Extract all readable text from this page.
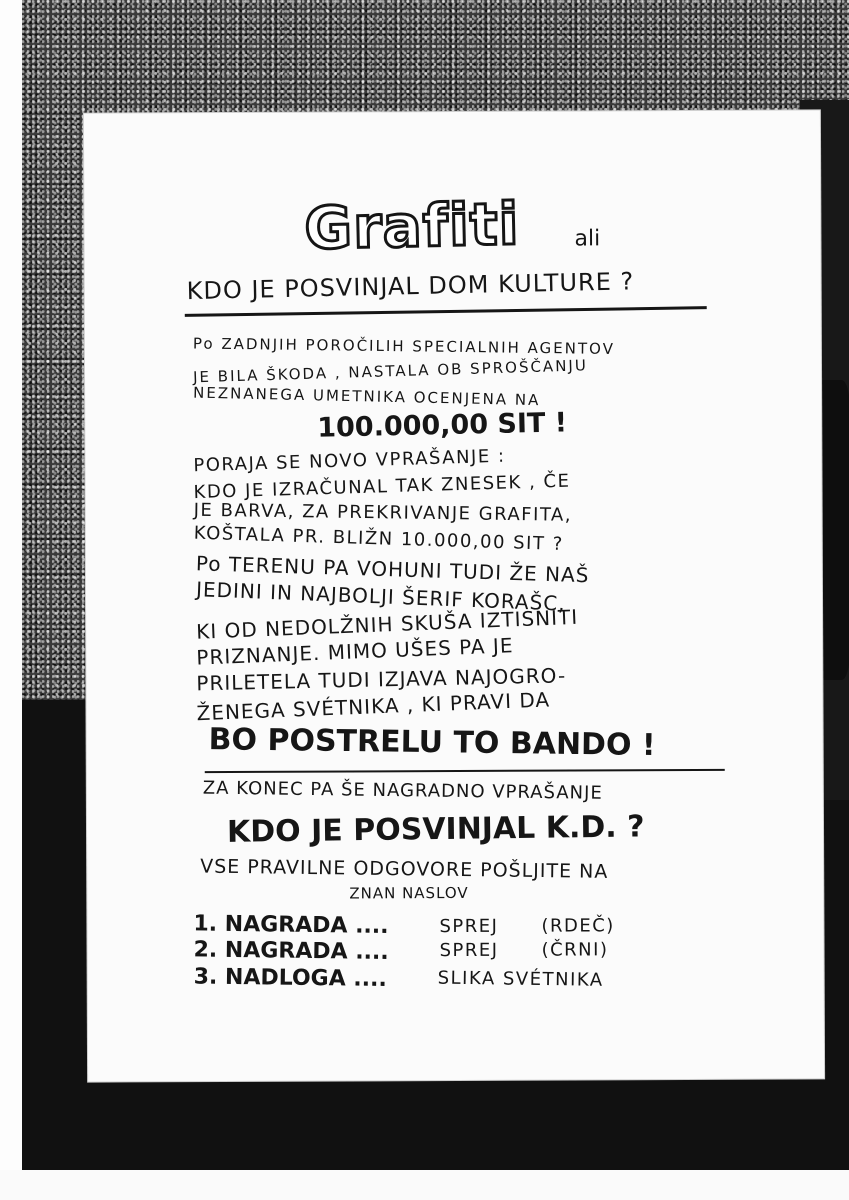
Grafiti ali
KDO JE POSVINJAL DOM KULTURE ?
Po ZADNJIH POROČILIH SPECIALNIH AGENTOV
JE BILA ŠKODA , NASTALA OB SPROŠČANJU
NEZNANEGA UMETNIKA OCENJENA NA
100.000,00 SIT !
PORAJA SE NOVO VPRAŠANJE :
KDO JE IZRAČUNAL TAK ZNESEK , ČE
JE BARVA, ZA PREKRIVANJE GRAFITA,
KOŠTALA PR. BLIŽN 10.000,00 SIT ?
Po TERENU PA VOHUNI TUDI ŽE NAŠ
JEDINI IN NAJBOLJI ŠERIF KORAŠC,
KI OD NEDOLŽNIH SKUŠA IZTISNITI
PRIZNANJE. MIMO UŠES PA JE
PRILETELA TUDI IZJAVA NAJOGRO-
ŽENEGA SVÉTNIKA , KI PRAVI DA
BO POSTRELU TO BANDO !
ZA KONEC PA ŠE NAGRADNO VPRAŠANJE
KDO JE POSVINJAL K.D. ?
VSE PRAVILNE ODGOVORE POŠLJITE NA
ZNAN NASLOV
1. NAGRADA ....	SPREJ (RDEČ)
2. NAGRADA ....	SPREJ (ČRNI)
3. NADLOGA ....	SLIKA SVÉTNIKA
